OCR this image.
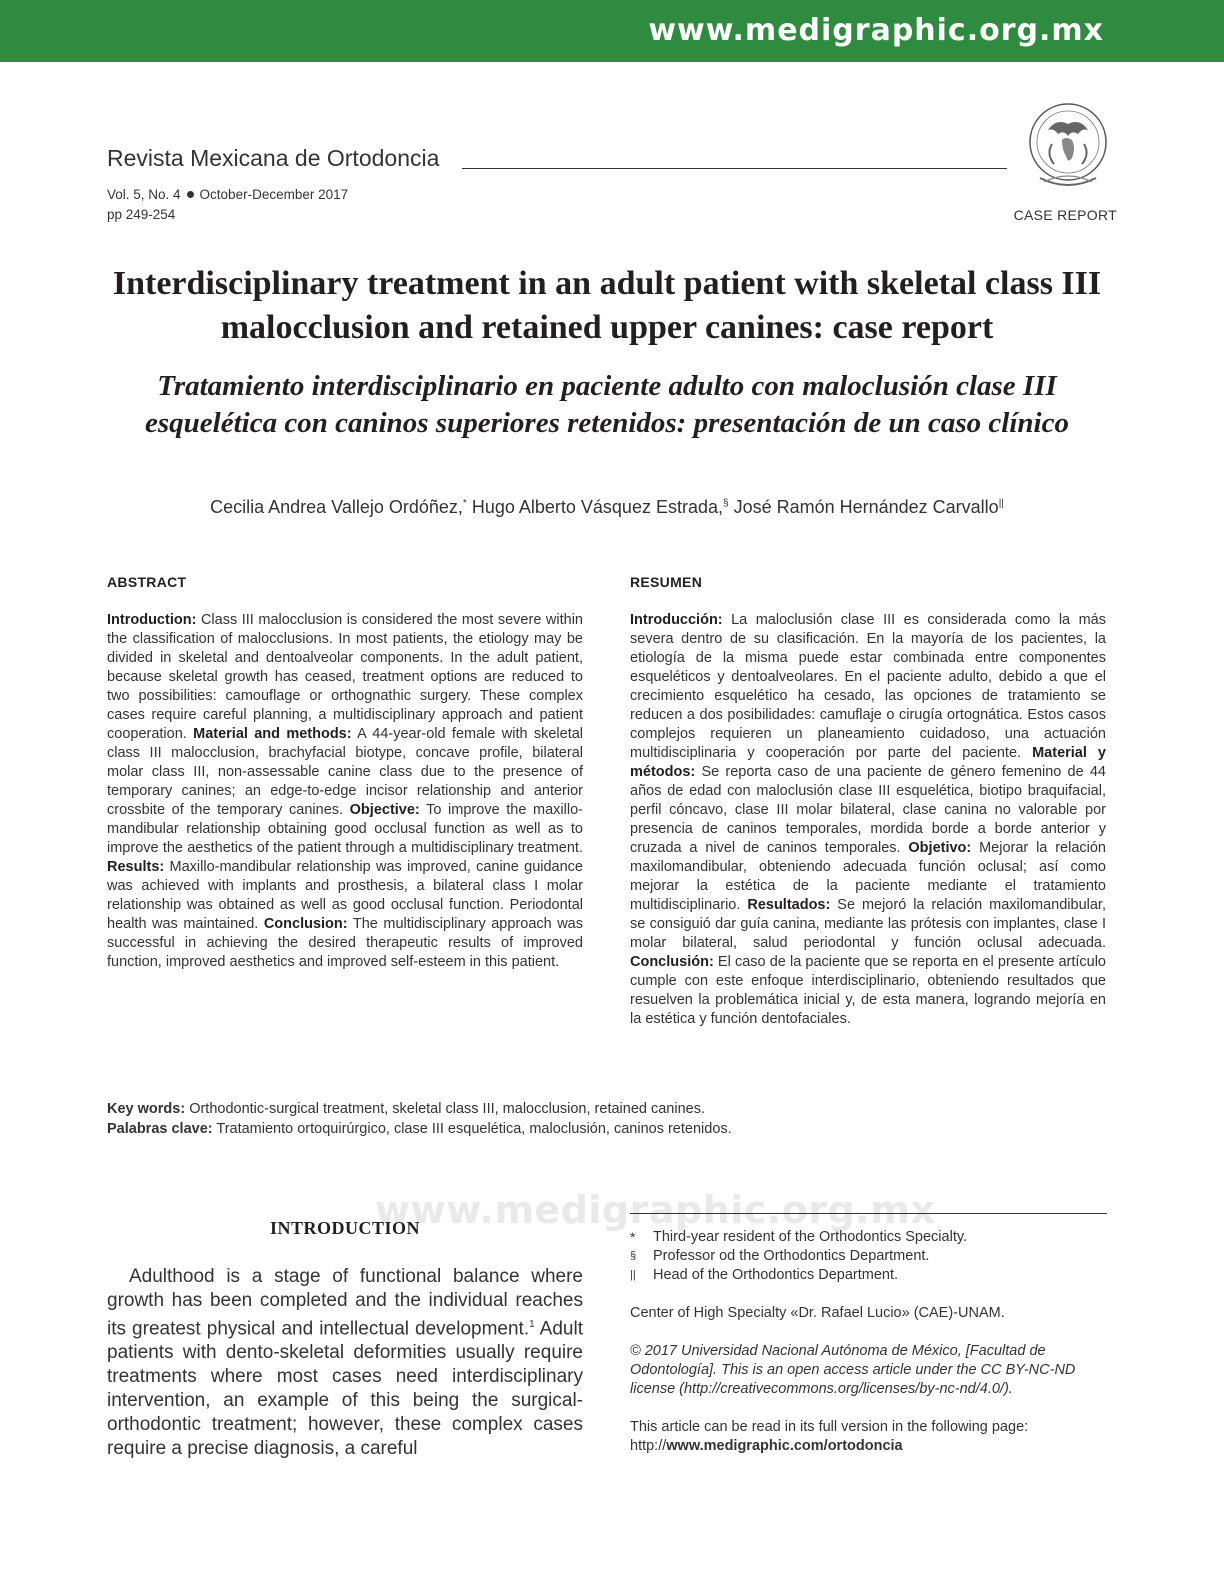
www.medigraphic.org.mx
Revista Mexicana de Ortodoncia
Vol. 5, No. 4 October-December 2017
pp 249-254	CASE REPORT
Interdisciplinary treatment in an adult patient with skeletal class III malocclusion and retained upper canines: case report
Tratamiento interdisciplinario en paciente adulto con maloclusión clase III esquelética con caninos superiores retenidos: presentación de un caso clínico
Cecilia Andrea Vallejo Ordóñez,* Hugo Alberto Vásquez Estrada,§ José Ramón Hernández Carvallo||
ABSTRACT
Introduction: Class III malocclusion is considered the most severe within the classification of malocclusions. In most patients, the etiology may be divided in skeletal and dentoalveolar components. In the adult patient, because skeletal growth has ceased, treatment options are reduced to two possibilities: camouflage or orthognathic surgery. These complex cases require careful planning, a multidisciplinary approach and patient cooperation. Material and methods: A 44-year-old female with skeletal class III malocclusion, brachyfacial biotype, concave profile, bilateral molar class III, non-assessable canine class due to the presence of temporary canines; an edge-to-edge incisor relationship and anterior crossbite of the temporary canines. Objective: To improve the maxillo-mandibular relationship obtaining good occlusal function as well as to improve the aesthetics of the patient through a multidisciplinary treatment. Results: Maxillo-mandibular relationship was improved, canine guidance was achieved with implants and prosthesis, a bilateral class I molar relationship was obtained as well as good occlusal function. Periodontal health was maintained. Conclusion: The multidisciplinary approach was successful in achieving the desired therapeutic results of improved function, improved aesthetics and improved self-esteem in this patient.
RESUMEN
Introducción: La maloclusión clase III es considerada como la más severa dentro de su clasificación. En la mayoría de los pacientes, la etiología de la misma puede estar combinada entre componentes esqueléticos y dentoalveolares. En el paciente adulto, debido a que el crecimiento esquelético ha cesado, las opciones de tratamiento se reducen a dos posibilidades: camuflaje o cirugía ortognática. Estos casos complejos requieren un planeamiento cuidadoso, una actuación multidisciplinaria y cooperación por parte del paciente. Material y métodos: Se reporta caso de una paciente de género femenino de 44 años de edad con maloclusión clase III esquelética, biotipo braquifacial, perfil cóncavo, clase III molar bilateral, clase canina no valorable por presencia de caninos temporales, mordida borde a borde anterior y cruzada a nivel de caninos temporales. Objetivo: Mejorar la relación maxilomandibular, obteniendo adecuada función oclusal; así como mejorar la estética de la paciente mediante el tratamiento multidisciplinario. Resultados: Se mejoró la relación maxilomandibular, se consiguió dar guía canina, mediante las prótesis con implantes, clase I molar bilateral, salud periodontal y función oclusal adecuada. Conclusión: El caso de la paciente que se reporta en el presente artículo cumple con este enfoque interdisciplinario, obteniendo resultados que resuelven la problemática inicial y, de esta manera, logrando mejoría en la estética y función dentofaciales.
Key words: Orthodontic-surgical treatment, skeletal class III, malocclusion, retained canines.
Palabras clave: Tratamiento ortoquirúrgico, clase III esquelética, maloclusión, caninos retenidos.
www.medigraphic.org.mx
INTRODUCTION
Adulthood is a stage of functional balance where growth has been completed and the individual reaches its greatest physical and intellectual development.$^1$ Adult patients with dento-skeletal deformities usually require treatments where most cases need interdisciplinary intervention, an example of this being the surgical-orthodontic treatment; however, these complex cases require a precise diagnosis, a careful
* Third-year resident of the Orthodontics Specialty.
§ Professor od the Orthodontics Department.
|| Head of the Orthodontics Department.
Center of High Specialty «Dr. Rafael Lucio» (CAE)-UNAM.
© 2017 Universidad Nacional Autónoma de México, [Facultad de Odontología]. This is an open access article under the CC BY-NC-ND license (http://creativecommons.org/licenses/by-nc-nd/4.0/).
This article can be read in its full version in the following page:
http://www.medigraphic.com/ortodoncia
